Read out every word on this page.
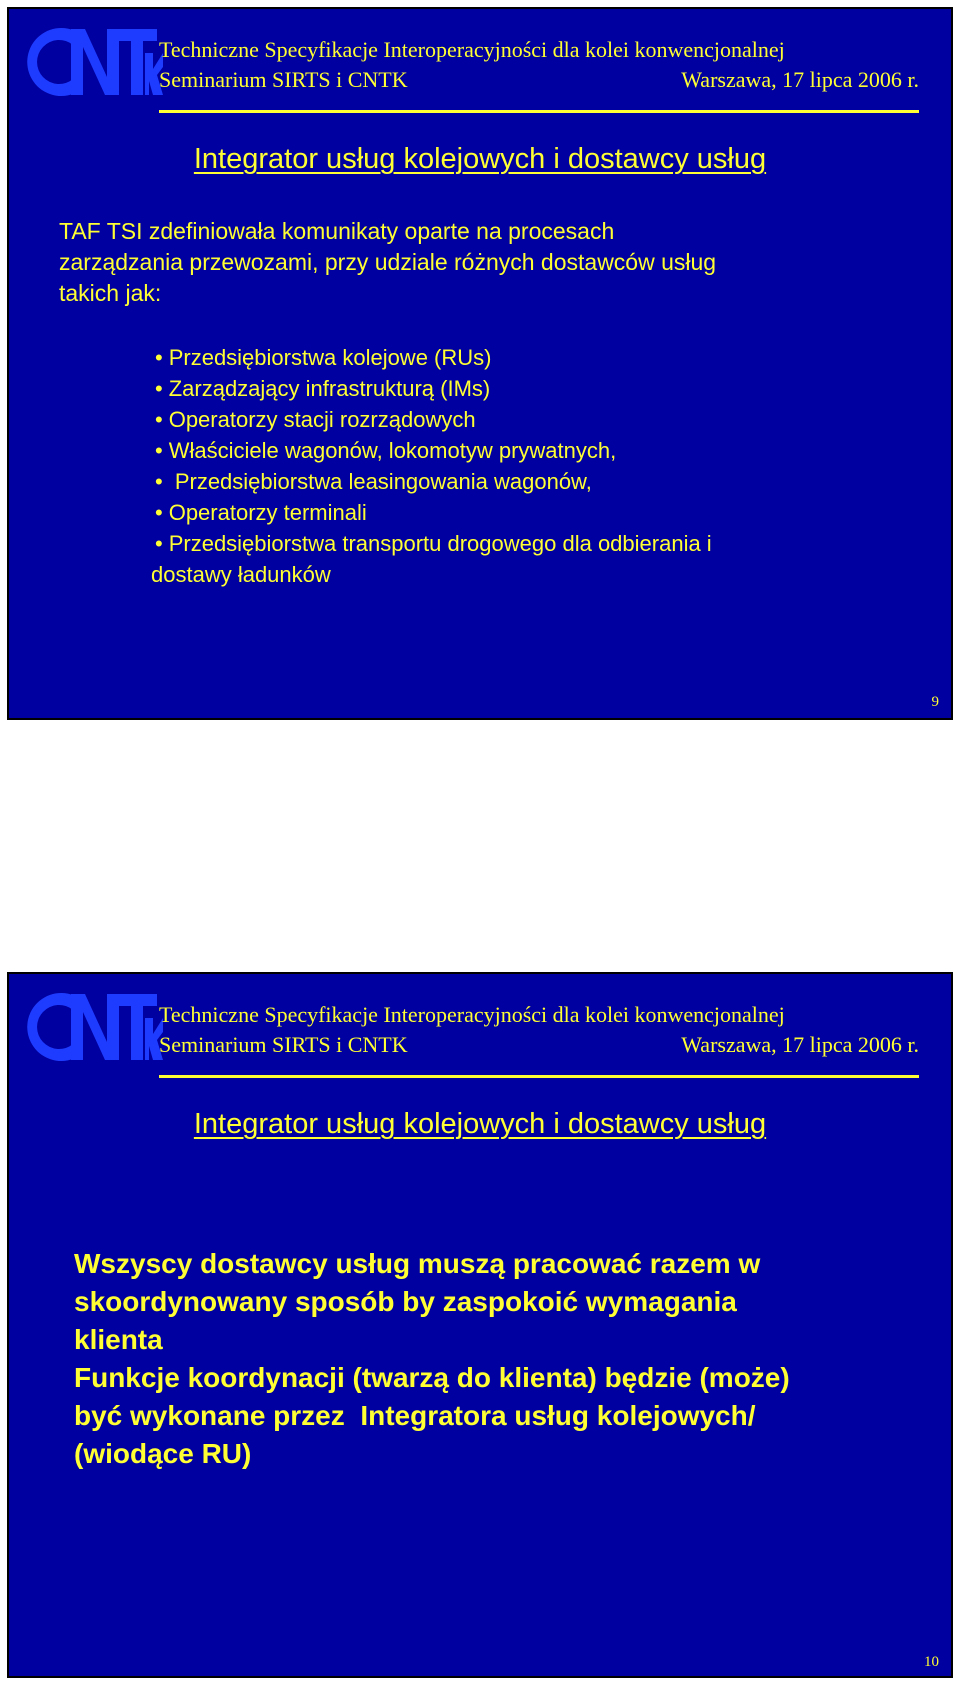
Techniczne Specyfikacje Interoperacyjności dla kolei konwencjonalnej
Seminarium SIRTS i CNTK	Warszawa, 17 lipca 2006 r.
Integrator usług kolejowych i dostawcy usług
TAF TSI zdefiniowała komunikaty oparte na procesach
zarządzania przewozami, przy udziale różnych dostawców usług
takich jak:
• Przedsiębiorstwa kolejowe (RUs)
• Zarządzający infrastrukturą (IMs)
• Operatorzy stacji rozrządowych
• Właściciele wagonów, lokomotyw prywatnych,
• Przedsiębiorstwa leasingowania wagonów,
• Operatorzy terminali
• Przedsiębiorstwa transportu drogowego dla odbierania i
dostawy ładunków
9
Techniczne Specyfikacje Interoperacyjności dla kolei konwencjonalnej
Seminarium SIRTS i CNTK	Warszawa, 17 lipca 2006 r.
Integrator usług kolejowych i dostawcy usług
10
Wszyscy dostawcy usług muszą pracować razem w
skoordynowany sposób by zaspokoić wymagania
klienta
Funkcje koordynacji (twarzą do klienta) będzie (może)
być wykonane przez  Integratora usług kolejowych/
(wiodące RU)
